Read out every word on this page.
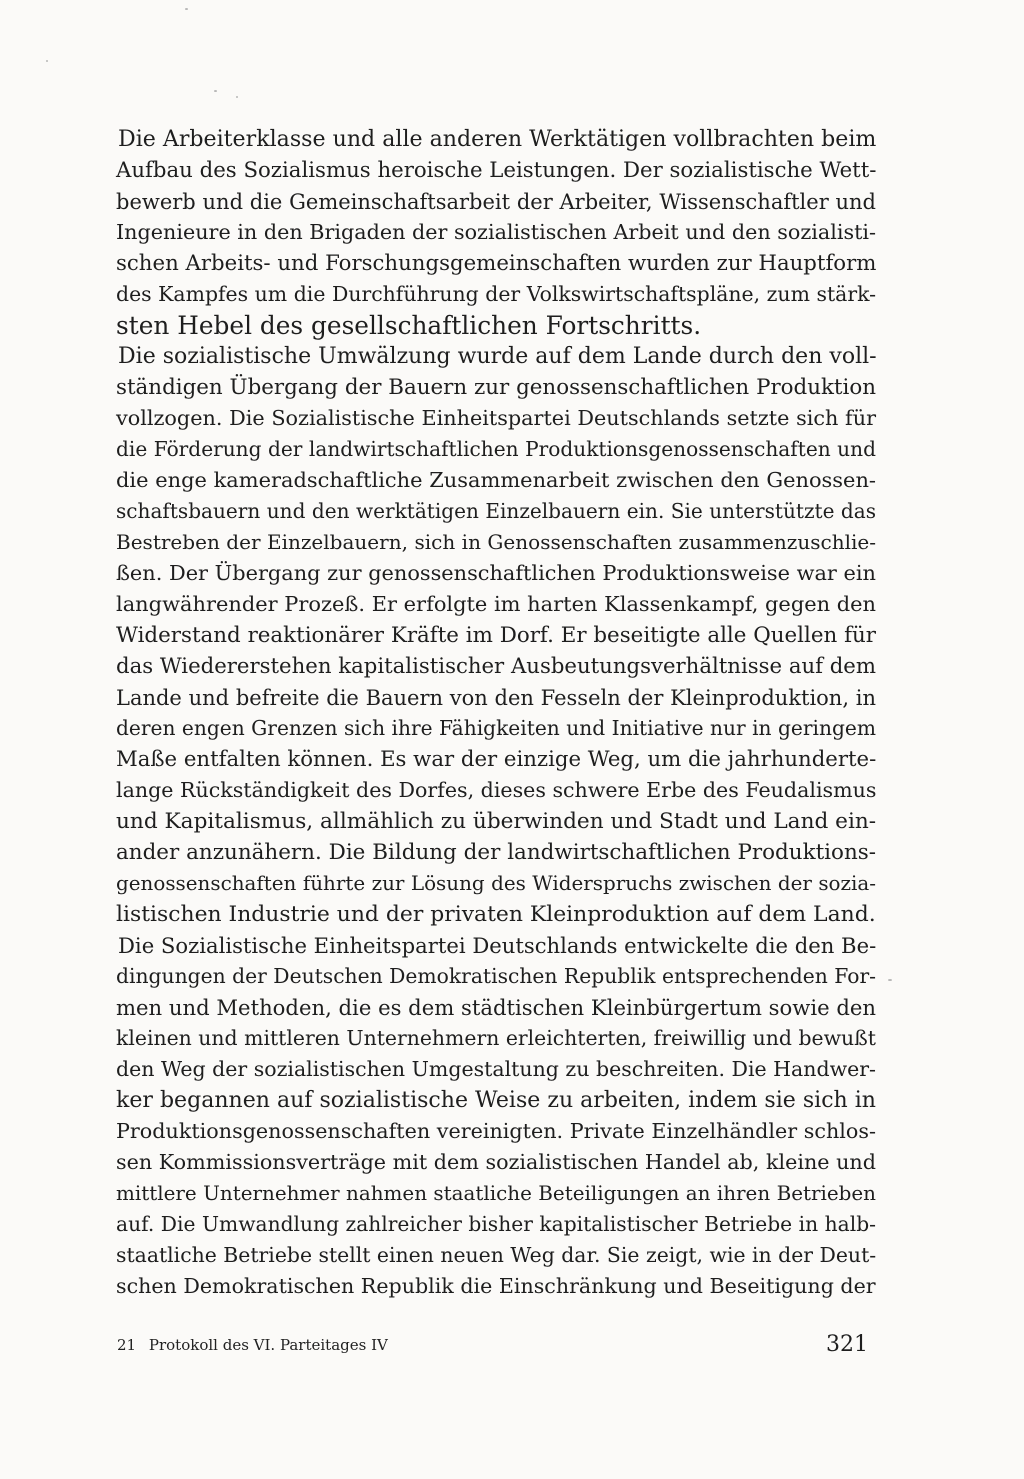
Die Arbeiterklasse und alle anderen Werktätigen vollbrachten beim
Aufbau des Sozialismus heroische Leistungen. Der sozialistische Wett-
bewerb und die Gemeinschaftsarbeit der Arbeiter, Wissenschaftler und
Ingenieure in den Brigaden der sozialistischen Arbeit und den sozialisti-
schen Arbeits- und Forschungsgemeinschaften wurden zur Hauptform
des Kampfes um die Durchführung der Volkswirtschaftspläne, zum stärk-
sten Hebel des gesellschaftlichen Fortschritts.
Die sozialistische Umwälzung wurde auf dem Lande durch den voll-
ständigen Übergang der Bauern zur genossenschaftlichen Produktion
vollzogen. Die Sozialistische Einheitspartei Deutschlands setzte sich für
die Förderung der landwirtschaftlichen Produktionsgenossenschaften und
die enge kameradschaftliche Zusammenarbeit zwischen den Genossen-
schaftsbauern und den werktätigen Einzelbauern ein. Sie unterstützte das
Bestreben der Einzelbauern, sich in Genossenschaften zusammenzuschlie-
ßen. Der Übergang zur genossenschaftlichen Produktionsweise war ein
langwährender Prozeß. Er erfolgte im harten Klassenkampf, gegen den
Widerstand reaktionärer Kräfte im Dorf. Er beseitigte alle Quellen für
das Wiedererstehen kapitalistischer Ausbeutungsverhältnisse auf dem
Lande und befreite die Bauern von den Fesseln der Kleinproduktion, in
deren engen Grenzen sich ihre Fähigkeiten und Initiative nur in geringem
Maße entfalten können. Es war der einzige Weg, um die jahrhunderte-
lange Rückständigkeit des Dorfes, dieses schwere Erbe des Feudalismus
und Kapitalismus, allmählich zu überwinden und Stadt und Land ein-
ander anzunähern. Die Bildung der landwirtschaftlichen Produktions-
genossenschaften führte zur Lösung des Widerspruchs zwischen der sozia-
listischen Industrie und der privaten Kleinproduktion auf dem Land.
Die Sozialistische Einheitspartei Deutschlands entwickelte die den Be-
dingungen der Deutschen Demokratischen Republik entsprechenden For-
men und Methoden, die es dem städtischen Kleinbürgertum sowie den
kleinen und mittleren Unternehmern erleichterten, freiwillig und bewußt
den Weg der sozialistischen Umgestaltung zu beschreiten. Die Handwer-
ker begannen auf sozialistische Weise zu arbeiten, indem sie sich in
Produktionsgenossenschaften vereinigten. Private Einzelhändler schlos-
sen Kommissionsverträge mit dem sozialistischen Handel ab, kleine und
mittlere Unternehmer nahmen staatliche Beteiligungen an ihren Betrieben
auf. Die Umwandlung zahlreicher bisher kapitalistischer Betriebe in halb-
staatliche Betriebe stellt einen neuen Weg dar. Sie zeigt, wie in der Deut-
schen Demokratischen Republik die Einschränkung und Beseitigung der
21 Protokoll des VI. Parteitages IV	321
